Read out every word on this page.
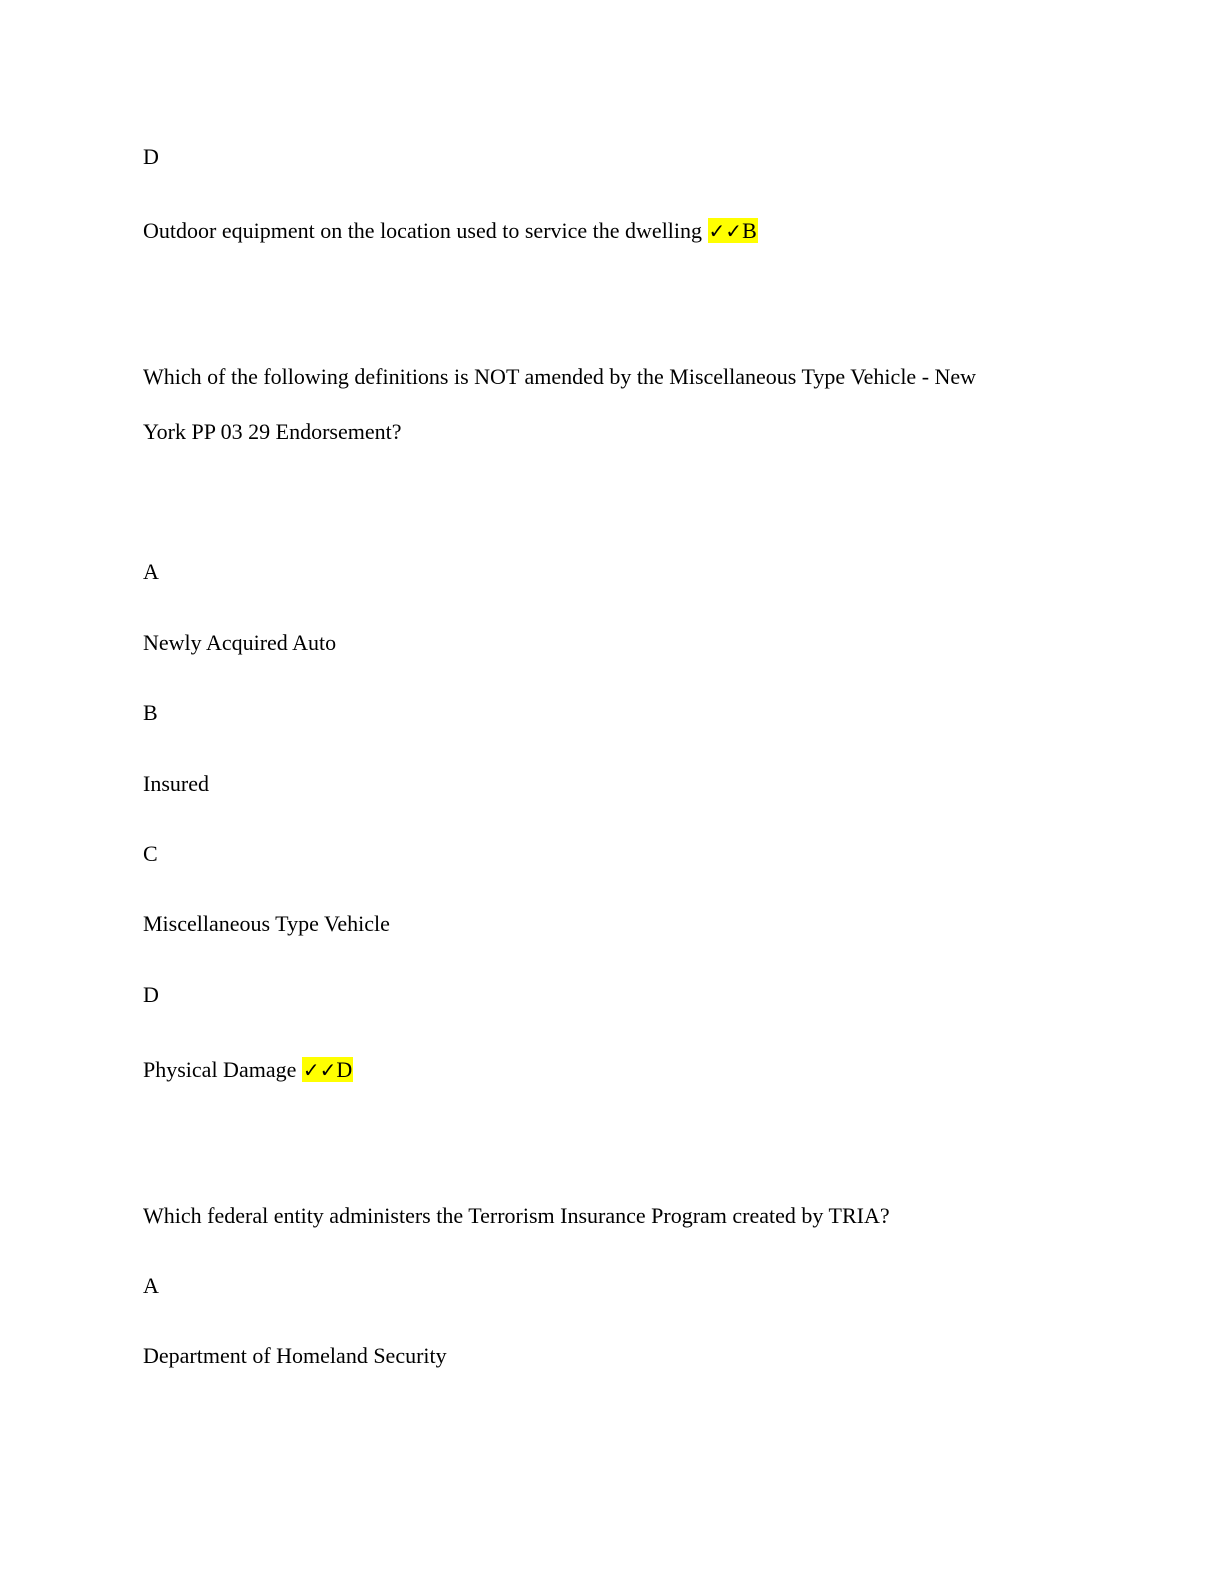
D
Outdoor equipment on the location used to service the dwelling ✓✓B
Which of the following definitions is NOT amended by the Miscellaneous Type Vehicle - New
York PP 03 29 Endorsement?
A
Newly Acquired Auto
B
Insured
C
Miscellaneous Type Vehicle
D
Physical Damage ✓✓D
Which federal entity administers the Terrorism Insurance Program created by TRIA?
A
Department of Homeland Security
